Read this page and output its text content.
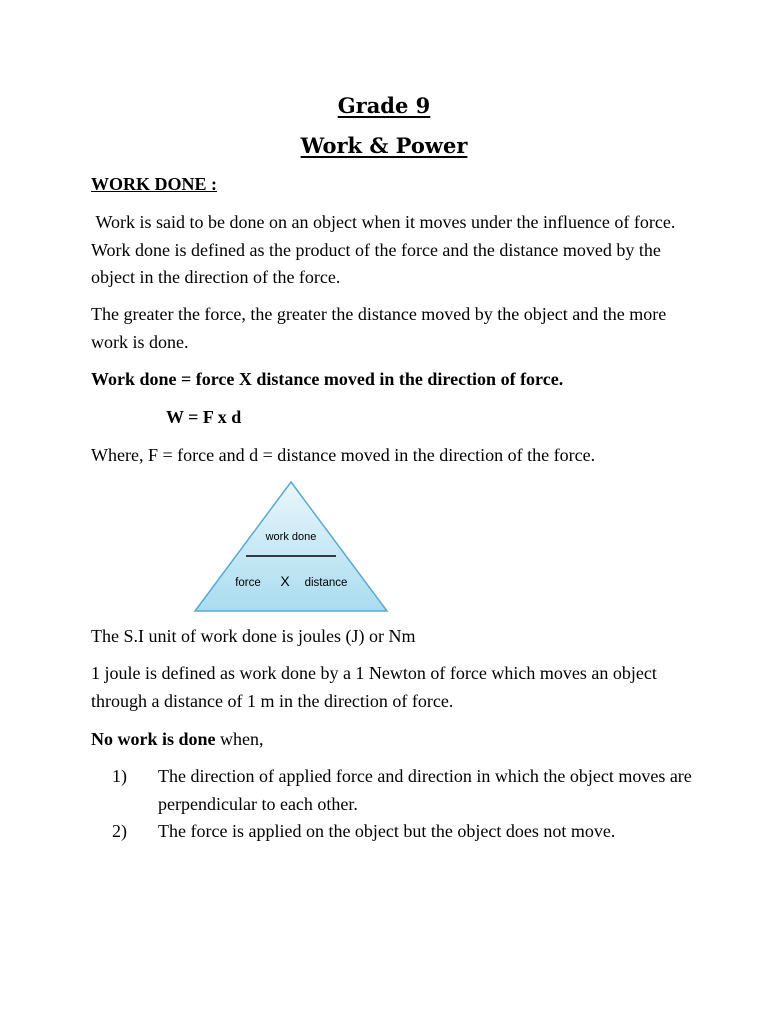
Grade 9
Work & Power
WORK DONE :
Work is said to be done on an object when it moves under the influence of force. Work done is defined as the product of the force and the distance moved by the object in the direction of the force.
The greater the force, the greater the distance moved by the object and the more work is done.
Work done = force X distance moved in the direction of force.
W = F x d
Where, F = force and d = distance moved in the direction of the force.
work done
force X distance
The S.I unit of work done is joules (J) or Nm
1 joule is defined as work done by a 1 Newton of force which moves an object through a distance of 1 m in the direction of force.
No work is done when,
1)	The direction of applied force and direction in which the object moves are perpendicular to each other.
2)	The force is applied on the object but the object does not move.
